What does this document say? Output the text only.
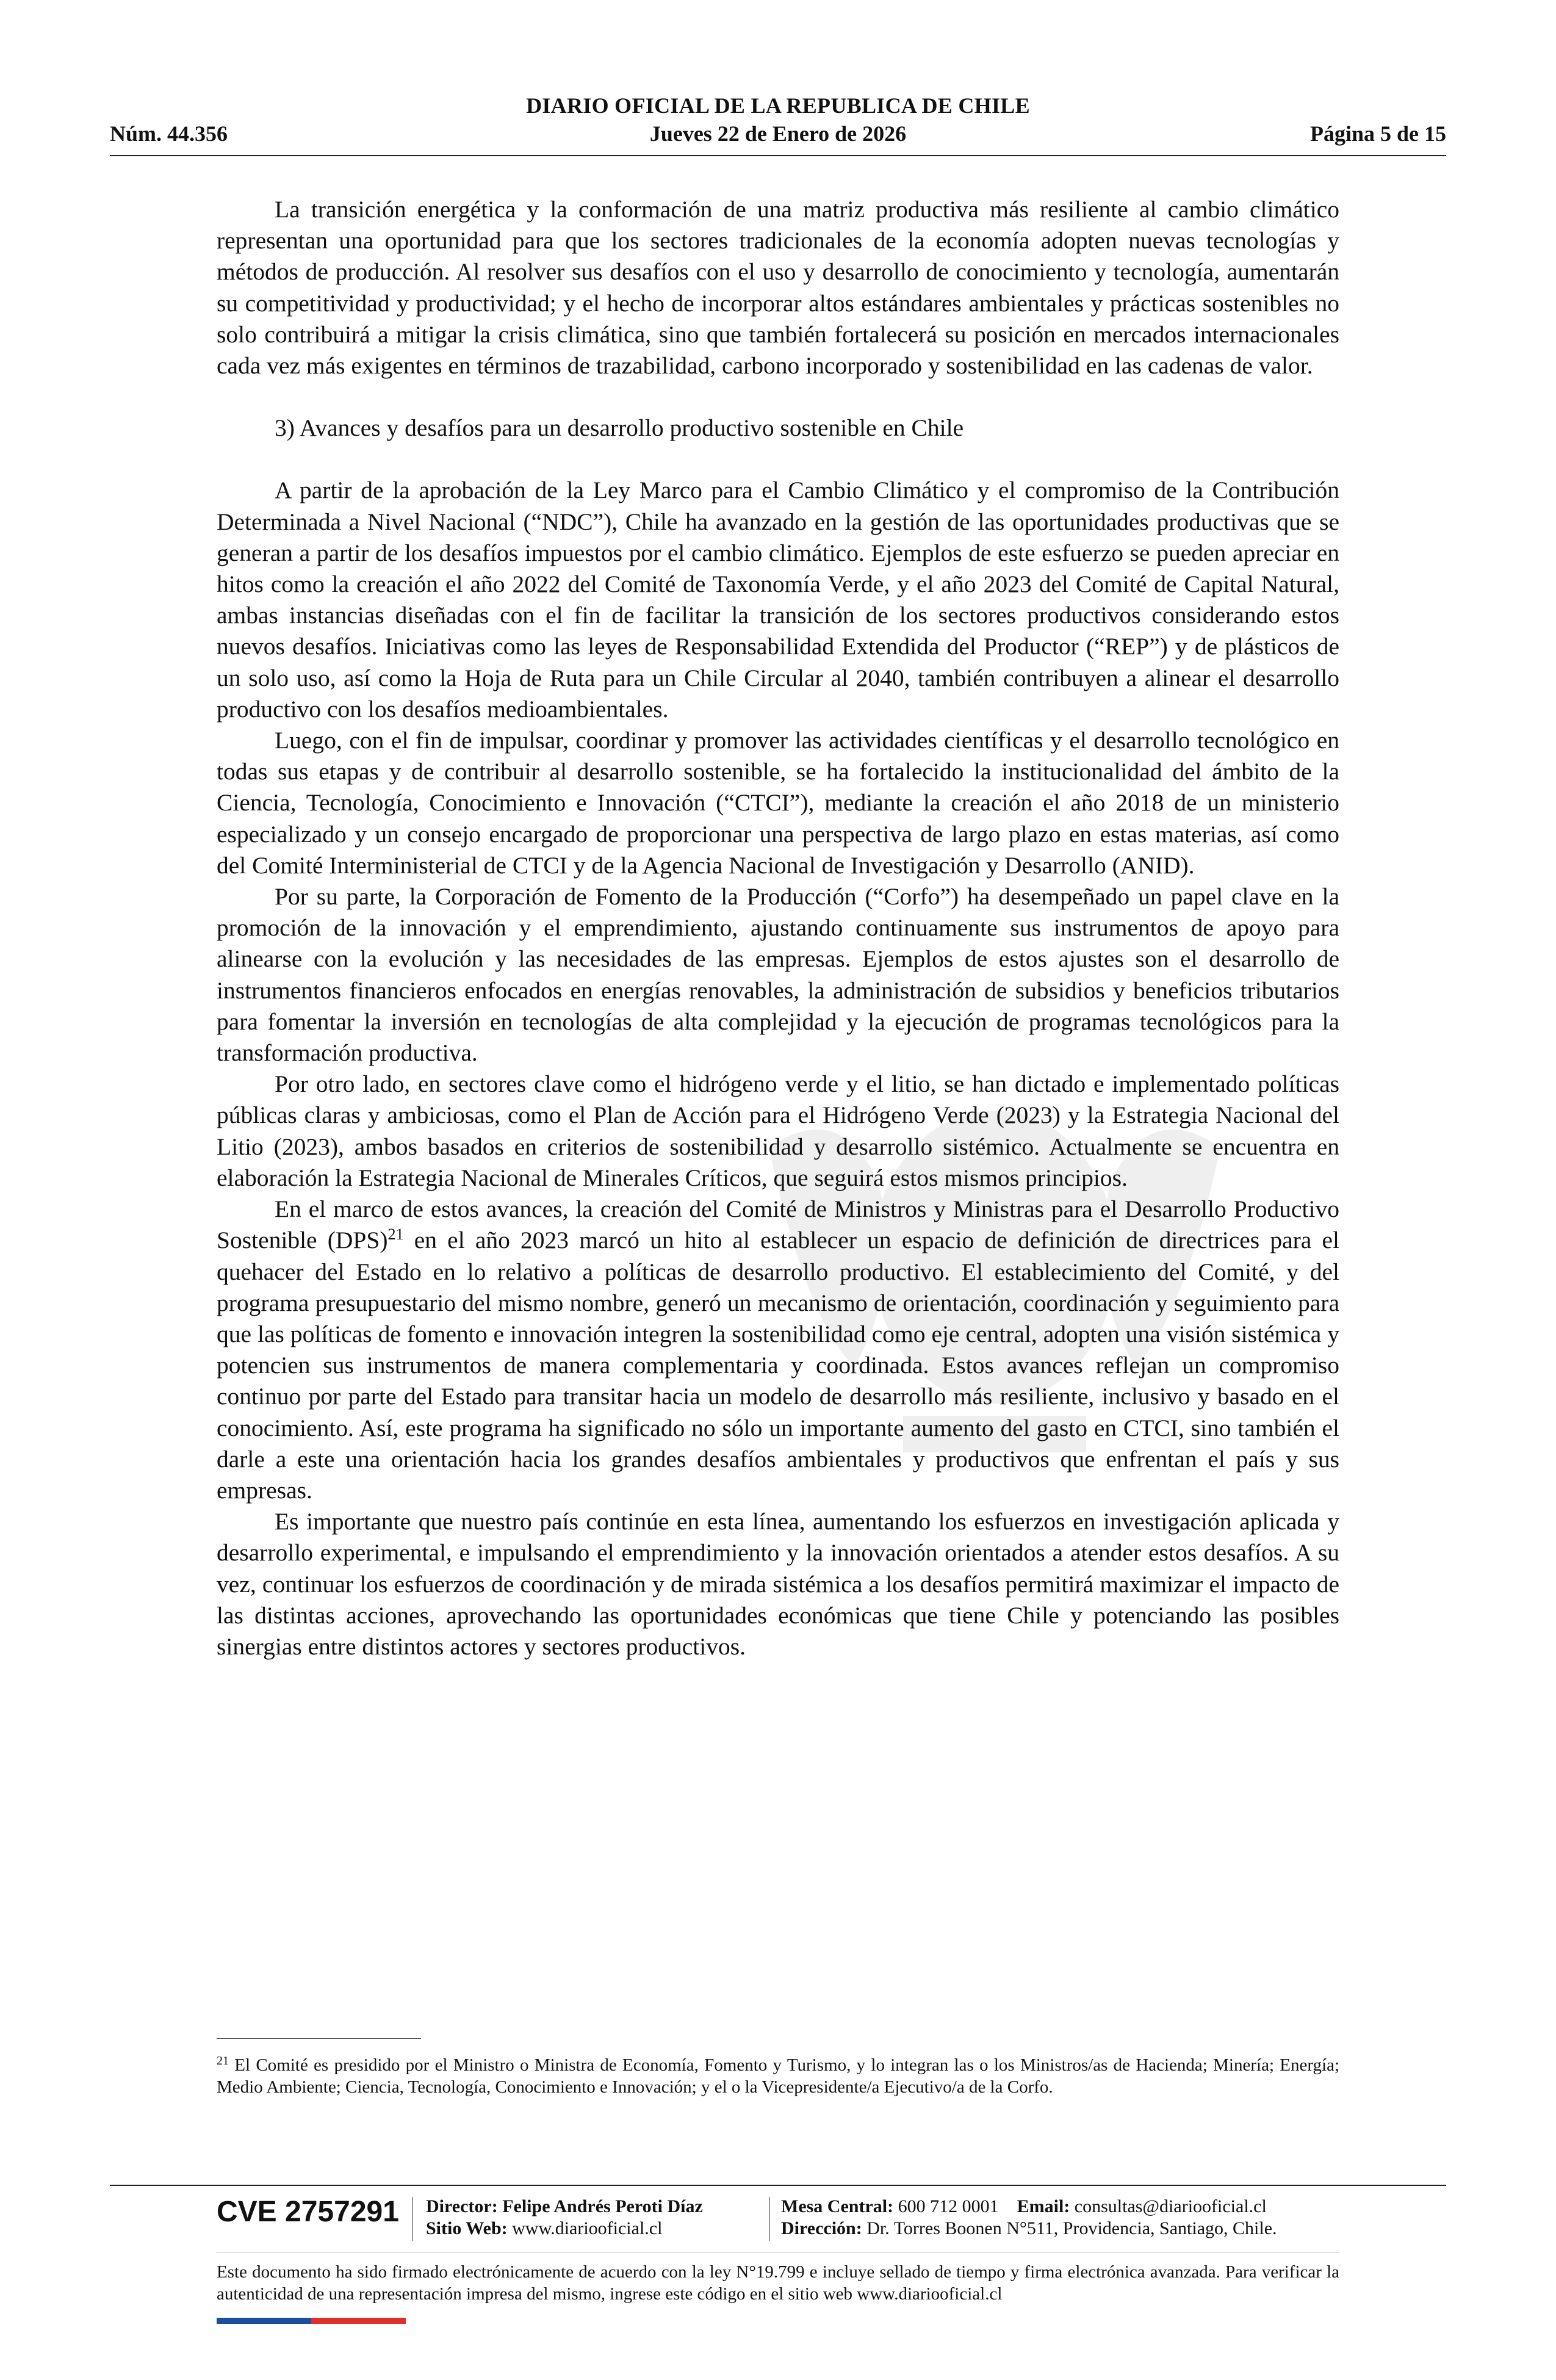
DIARIO OFICIAL DE LA REPUBLICA DE CHILE
Núm. 44.356	Jueves 22 de Enero de 2026	Página 5 de 15

La transición energética y la conformación de una matriz productiva más resiliente al cambio climático representan una oportunidad para que los sectores tradicionales de la economía adopten nuevas tecnologías y métodos de producción. Al resolver sus desafíos con el uso y desarrollo de conocimiento y tecnología, aumentarán su competitividad y productividad; y el hecho de incorporar altos estándares ambientales y prácticas sostenibles no solo contribuirá a mitigar la crisis climática, sino que también fortalecerá su posición en mercados internacionales cada vez más exigentes en términos de trazabilidad, carbono incorporado y sostenibilidad en las cadenas de valor.

3) Avances y desafíos para un desarrollo productivo sostenible en Chile

A partir de la aprobación de la Ley Marco para el Cambio Climático y el compromiso de la Contribución Determinada a Nivel Nacional (“NDC”), Chile ha avanzado en la gestión de las oportunidades productivas que se generan a partir de los desafíos impuestos por el cambio climático. Ejemplos de este esfuerzo se pueden apreciar en hitos como la creación el año 2022 del Comité de Taxonomía Verde, y el año 2023 del Comité de Capital Natural, ambas instancias diseñadas con el fin de facilitar la transición de los sectores productivos considerando estos nuevos desafíos. Iniciativas como las leyes de Responsabilidad Extendida del Productor (“REP”) y de plásticos de un solo uso, así como la Hoja de Ruta para un Chile Circular al 2040, también contribuyen a alinear el desarrollo productivo con los desafíos medioambientales.

Luego, con el fin de impulsar, coordinar y promover las actividades científicas y el desarrollo tecnológico en todas sus etapas y de contribuir al desarrollo sostenible, se ha fortalecido la institucionalidad del ámbito de la Ciencia, Tecnología, Conocimiento e Innovación (“CTCI”), mediante la creación el año 2018 de un ministerio especializado y un consejo encargado de proporcionar una perspectiva de largo plazo en estas materias, así como del Comité Interministerial de CTCI y de la Agencia Nacional de Investigación y Desarrollo (ANID).

Por su parte, la Corporación de Fomento de la Producción (“Corfo”) ha desempeñado un papel clave en la promoción de la innovación y el emprendimiento, ajustando continuamente sus instrumentos de apoyo para alinearse con la evolución y las necesidades de las empresas. Ejemplos de estos ajustes son el desarrollo de instrumentos financieros enfocados en energías renovables, la administración de subsidios y beneficios tributarios para fomentar la inversión en tecnologías de alta complejidad y la ejecución de programas tecnológicos para la transformación productiva.

Por otro lado, en sectores clave como el hidrógeno verde y el litio, se han dictado e implementado políticas públicas claras y ambiciosas, como el Plan de Acción para el Hidrógeno Verde (2023) y la Estrategia Nacional del Litio (2023), ambos basados en criterios de sostenibilidad y desarrollo sistémico. Actualmente se encuentra en elaboración la Estrategia Nacional de Minerales Críticos, que seguirá estos mismos principios.

En el marco de estos avances, la creación del Comité de Ministros y Ministras para el Desarrollo Productivo Sostenible (DPS)$^{21}$ en el año 2023 marcó un hito al establecer un espacio de definición de directrices para el quehacer del Estado en lo relativo a políticas de desarrollo productivo. El establecimiento del Comité, y del programa presupuestario del mismo nombre, generó un mecanismo de orientación, coordinación y seguimiento para que las políticas de fomento e innovación integren la sostenibilidad como eje central, adopten una visión sistémica y potencien sus instrumentos de manera complementaria y coordinada. Estos avances reflejan un compromiso continuo por parte del Estado para transitar hacia un modelo de desarrollo más resiliente, inclusivo y basado en el conocimiento. Así, este programa ha significado no sólo un importante aumento del gasto en CTCI, sino también el darle a este una orientación hacia los grandes desafíos ambientales y productivos que enfrentan el país y sus empresas.

Es importante que nuestro país continúe en esta línea, aumentando los esfuerzos en investigación aplicada y desarrollo experimental, e impulsando el emprendimiento y la innovación orientados a atender estos desafíos. A su vez, continuar los esfuerzos de coordinación y de mirada sistémica a los desafíos permitirá maximizar el impacto de las distintas acciones, aprovechando las oportunidades económicas que tiene Chile y potenciando las posibles sinergias entre distintos actores y sectores productivos.

$^{21}$ El Comité es presidido por el Ministro o Ministra de Economía, Fomento y Turismo, y lo integran las o los Ministros/as de Hacienda; Minería; Energía; Medio Ambiente; Ciencia, Tecnología, Conocimiento e Innovación; y el o la Vicepresidente/a Ejecutivo/a de la Corfo.
CVE 2757291 Director: Felipe Andrés Peroti Díaz
Sitio Web: www.diariooficial.cl
Mesa Central: 600 712 0001 Email: consultas@diariooficial.cl
Dirección: Dr. Torres Boonen N°511, Providencia, Santiago, Chile.
Este documento ha sido firmado electrónicamente de acuerdo con la ley N°19.799 e incluye sellado de tiempo y firma electrónica avanzada. Para verificar la autenticidad de una representación impresa del mismo, ingrese este código en el sitio web www.diariooficial.cl
